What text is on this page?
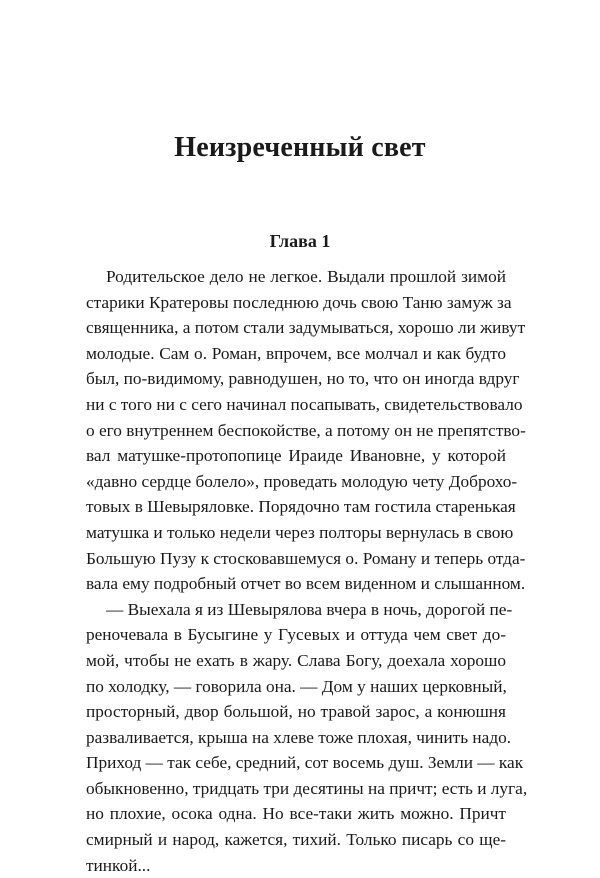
Неизреченный свет
Глава 1
Родительское дело не легкое. Выдали прошлой зимой
старики Кратеровы последнюю дочь свою Таню замуж за
священника, а потом стали задумываться, хорошо ли живут
молодые. Сам о. Роман, впрочем, все молчал и как будто
был, по-видимому, равнодушен, но то, что он иногда вдруг
ни с того ни с сего начинал посапывать, свидетельствовало
о его внутреннем беспокойстве, а потому он не препятство-
вал матушке-протопопице Ираиде Ивановне, у которой
«давно сердце болело», проведать молодую чету Доброхо-
товых в Шевыряловке. Порядочно там гостила старенькая
матушка и только недели через полторы вернулась в свою
Большую Пузу к стосковавшемуся о. Роману и теперь отда-
вала ему подробный отчет во всем виденном и слышанном.
— Выехала я из Шевырялова вчера в ночь, дорогой пе-
реночевала в Бусыгине у Гусевых и оттуда чем свет до-
мой, чтобы не ехать в жару. Слава Богу, доехала хорошо
по холодку, — говорила она. — Дом у наших церковный,
просторный, двор большой, но травой зарос, а конюшня
разваливается, крыша на хлеве тоже плохая, чинить надо.
Приход — так себе, средний, сот восемь душ. Земли — как
обыкновенно, тридцать три десятины на причт; есть и луга,
но плохие, осока одна. Но все-таки жить можно. Причт
смирный и народ, кажется, тихий. Только писарь со ще-
тинкой...
